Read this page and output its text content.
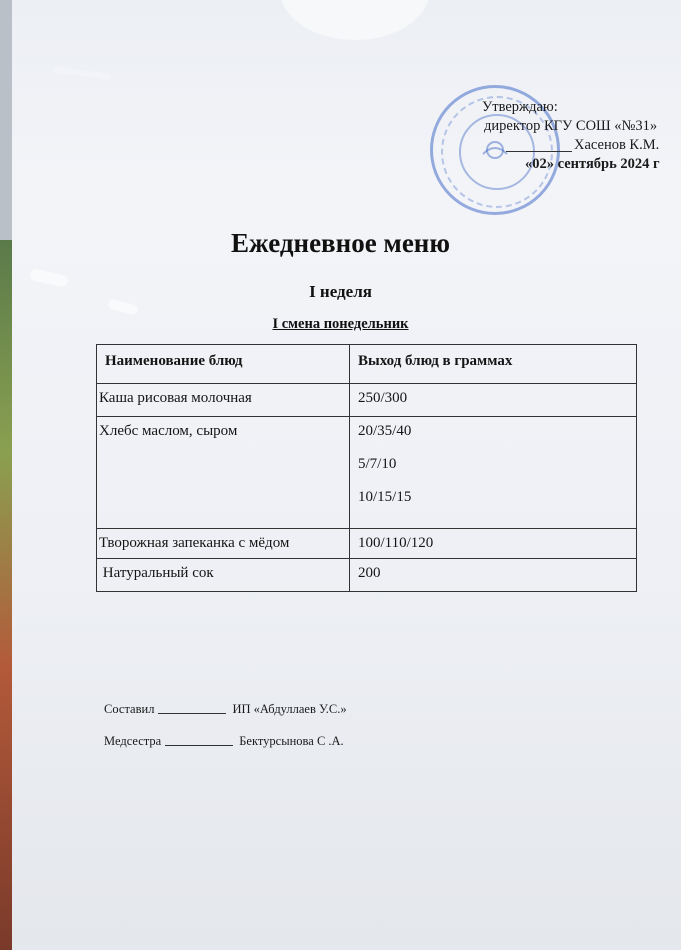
Утверждаю:
директор КГУ СОШ «№31»
Хасенов К.М.
«02» сентябрь 2024 г
Ежедневное меню
I неделя
I смена понедельник
Наименование блюд	Выход блюд в граммах
Каша рисовая молочная	250/300
Хлебс маслом, сыром	20/35/40
5/7/10
10/15/15

Творожная запеканка с мёдом	100/110/120
Натуральный сок	200
Составил	ИП «Абдуллаев У.С.»
Медсестра	Бектурсынова С .А.
